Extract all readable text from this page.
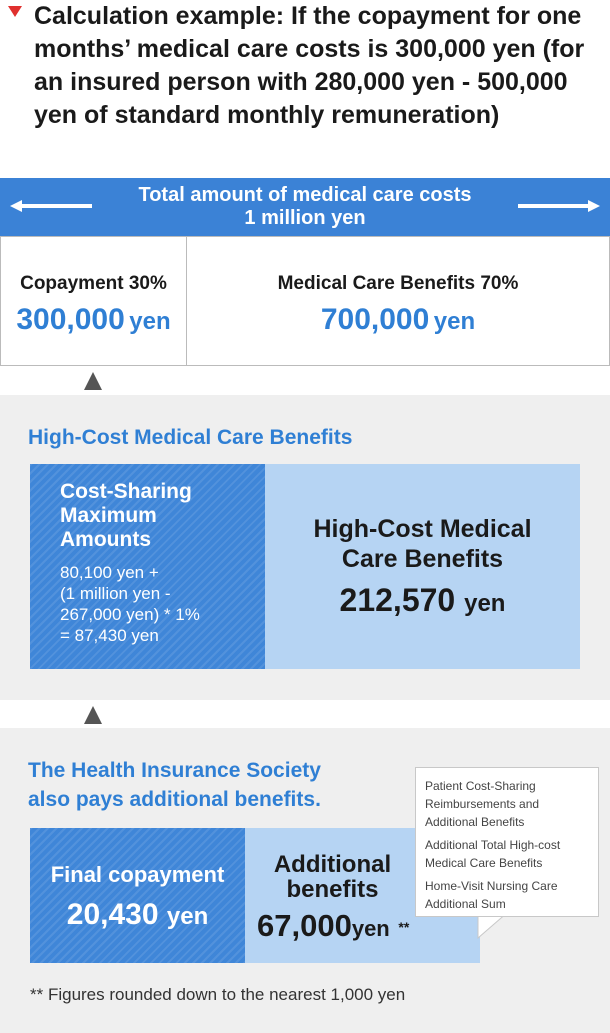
Calculation example: If the copayment for one months’ medical care costs is 300,000 yen (for an insured person with 280,000 yen - 500,000 yen of standard monthly remuneration)
Total amount of medical care costs
1 million yen
Copayment 30%
300,000 yen
Medical Care Benefits 70%
700,000 yen
High-Cost Medical Care Benefits
Cost-Sharing
Maximum
Amounts
80,100 yen +
(1 million yen -
267,000 yen) * 1%
= 87,430 yen
High-Cost Medical
Care Benefits
212,570 yen
The Health Insurance Society
also pays additional benefits.
Final copayment
20,430 yen
Additional
benefits
67,000yen **
** Figures rounded down to the nearest 1,000 yen
Patient Cost-Sharing
Reimbursements and
Additional Benefits
Additional Total High-cost
Medical Care Benefits
Home-Visit Nursing Care
Additional Sum
